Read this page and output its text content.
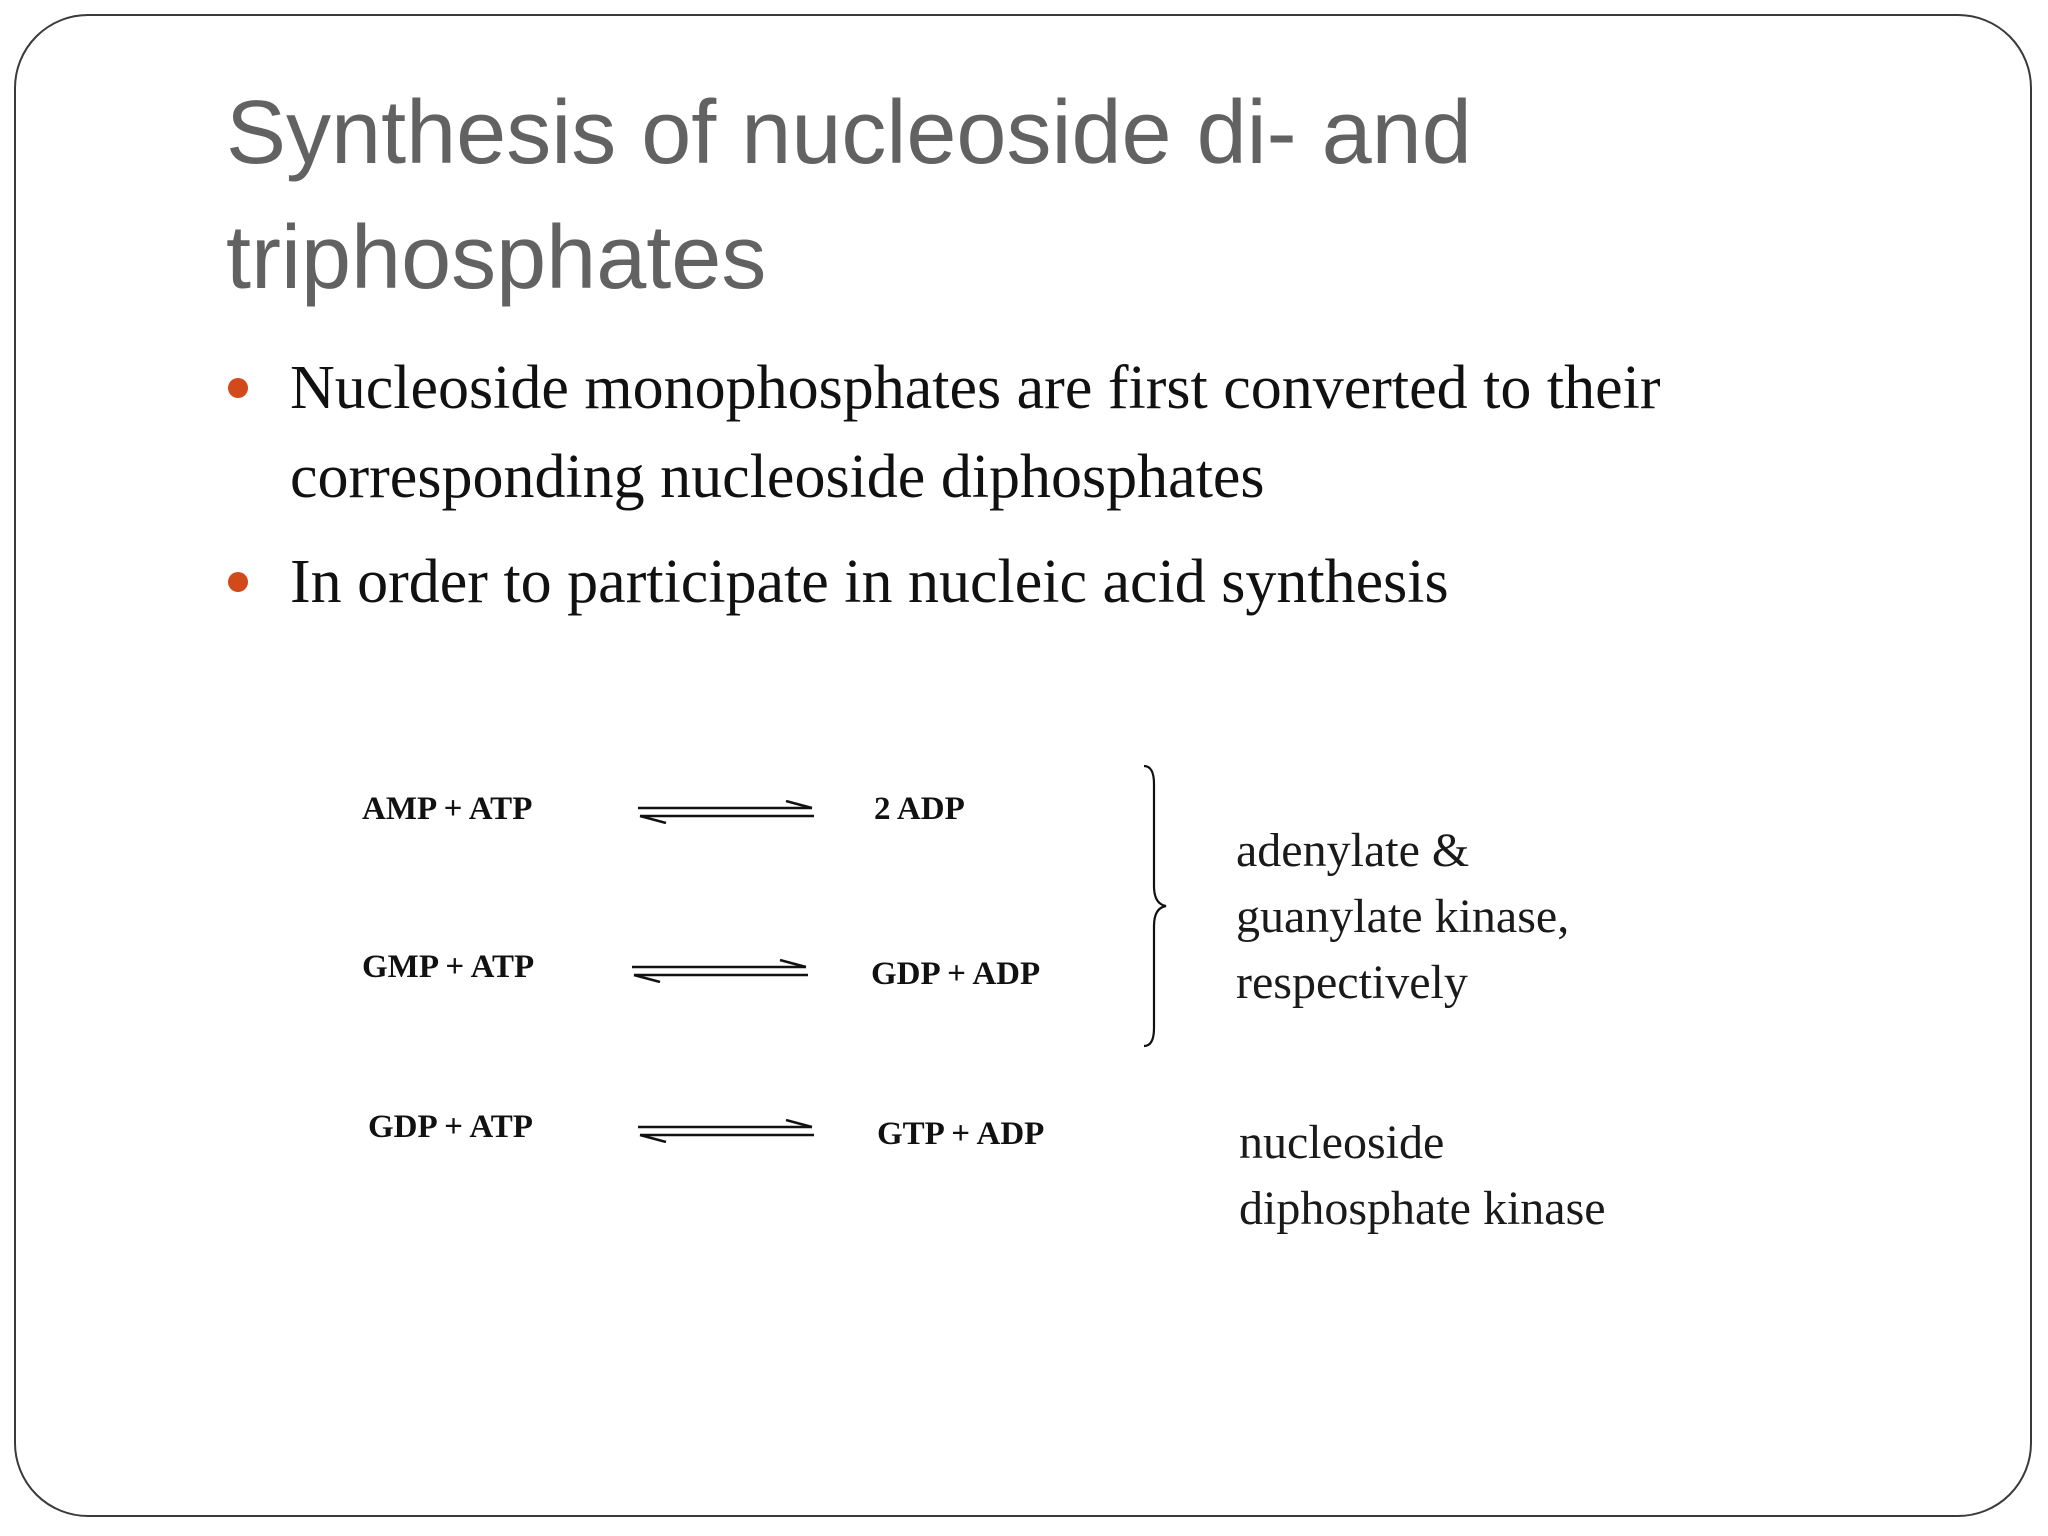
Synthesis of nucleoside di- and
triphosphates
Nucleoside monophosphates are first converted to their
corresponding nucleoside diphosphates
In order to participate in nucleic acid synthesis
AMP + ATP	2 ADP
GMP + ATP	GDP + ADP
GDP + ATP	GTP + ADP
adenylate &
guanylate kinase,
respectively
nucleoside
diphosphate kinase
